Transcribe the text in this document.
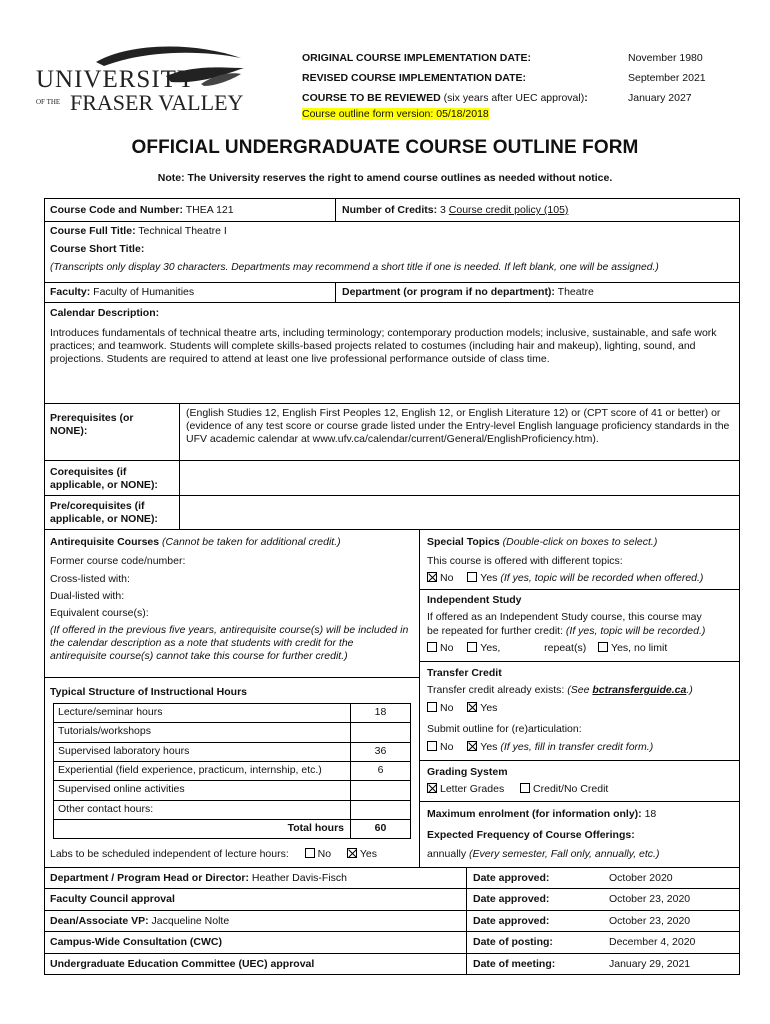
UNIVERSITY
OF THE FRASER VALLEY
ORIGINAL COURSE IMPLEMENTATION DATE:	November 1980
REVISED COURSE IMPLEMENTATION DATE:	September 2021
COURSE TO BE REVIEWED (six years after UEC approval):	January 2027
Course outline form version: 05/18/2018
OFFICIAL UNDERGRADUATE COURSE OUTLINE FORM
Note: The University reserves the right to amend course outlines as needed without notice.
Course Code and Number: THEA 121	Number of Credits: 3 Course credit policy (105)
Course Full Title: Technical Theatre I
Course Short Title:
(Transcripts only display 30 characters. Departments may recommend a short title if one is needed. If left blank, one will be assigned.)
Faculty: Faculty of Humanities	Department (or program if no department): Theatre
Calendar Description:
Introduces fundamentals of technical theatre arts, including terminology; contemporary production models; inclusive, sustainable, and safe work practices; and teamwork. Students will complete skills-based projects related to costumes (including hair and makeup), lighting, sound, and projections. Students are required to attend at least one live professional performance outside of class time.
Prerequisites (or NONE):
(English Studies 12, English First Peoples 12, English 12, or English Literature 12) or (CPT score of 41 or better) or (evidence of any test score or course grade listed under the Entry-level English language proficiency standards in the UFV academic calendar at www.ufv.ca/calendar/current/General/EnglishProficiency.htm).
Corequisites (if applicable, or NONE):
Pre/corequisites (if applicable, or NONE):
Antirequisite Courses (Cannot be taken for additional credit.)
Former course code/number:
Cross-listed with:
Dual-listed with:
Equivalent course(s):
(If offered in the previous five years, antirequisite course(s) will be included in the calendar description as a note that students with credit for the antirequisite course(s) cannot take this course for further credit.)
Typical Structure of Instructional Hours
Lecture/seminar hours	18
Tutorials/workshops
Supervised laboratory hours	36
Experiential (field experience, practicum, internship, etc.)	6
Supervised online activities
Other contact hours:
Total hours	60
Labs to be scheduled independent of lecture hours:	No	Yes
Special Topics (Double-click on boxes to select.)
This course is offered with different topics:
No	Yes (If yes, topic will be recorded when offered.)
Independent Study
If offered as an Independent Study course, this course may
be repeated for further credit: (If yes, topic will be recorded.)
No	Yes,	repeat(s) Yes, no limit
Transfer Credit
Transfer credit already exists: (See bctransferguide.ca.)
No	Yes
Submit outline for (re)articulation:
No	Yes (If yes, fill in transfer credit form.)
Grading System
Letter Grades	Credit/No Credit
Maximum enrolment (for information only): 18
Expected Frequency of Course Offerings:
annually (Every semester, Fall only, annually, etc.)
Department / Program Head or Director: Heather Davis-Fisch	Date approved:	October 2020
Faculty Council approval	Date approved:	October 23, 2020
Dean/Associate VP: Jacqueline Nolte	Date approved:	October 23, 2020
Campus-Wide Consultation (CWC)	Date of posting:	December 4, 2020
Undergraduate Education Committee (UEC) approval	Date of meeting:	January 29, 2021
